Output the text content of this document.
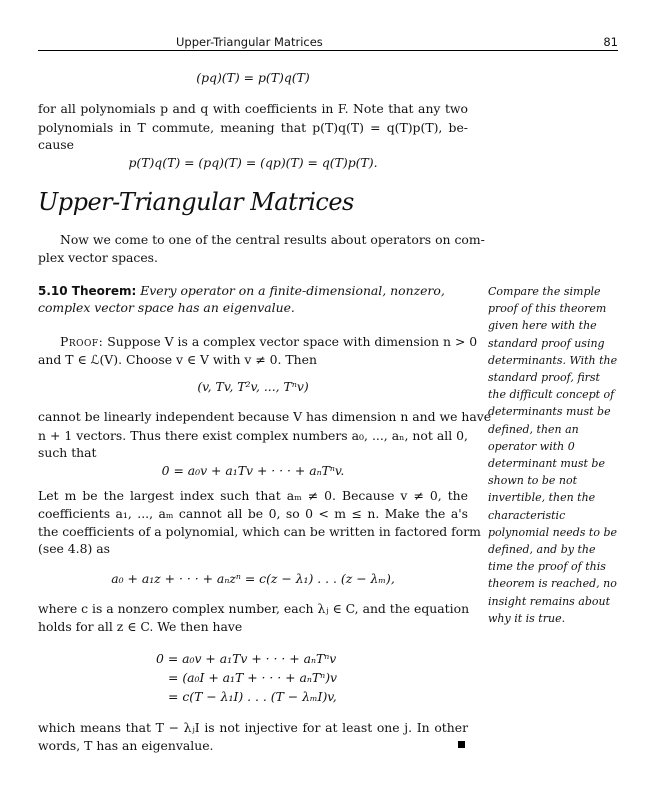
Upper-Triangular Matrices	81
(pq)(T) = p(T)q(T)
for all polynomials p and q with coefficients in F. Note that any two
polynomials in T commute, meaning that p(T)q(T) = q(T)p(T), be-
cause
p(T)q(T) = (pq)(T) = (qp)(T) = q(T)p(T).
Upper-Triangular Matrices
Now we come to one of the central results about operators on com-
plex vector spaces.
5.10 Theorem: Every operator on a finite-dimensional, nonzero,
complex vector space has an eigenvalue.
Proof: Suppose V is a complex vector space with dimension n > 0
and T ∈ ℒ(V). Choose v ∈ V with v ≠ 0. Then
(v, Tv, T²v, ..., Tⁿv)
cannot be linearly independent because V has dimension n and we have
n + 1 vectors. Thus there exist complex numbers a₀, ..., aₙ, not all 0,
such that
0 = a₀v + a₁Tv + · · · + aₙTⁿv.
Let m be the largest index such that aₘ ≠ 0. Because v ≠ 0, the
coefficients a₁, ..., aₘ cannot all be 0, so 0 < m ≤ n. Make the a's
the coefficients of a polynomial, which can be written in factored form
(see 4.8) as
a₀ + a₁z + · · · + aₙzⁿ = c(z − λ₁) . . . (z − λₘ),
where c is a nonzero complex number, each λⱼ ∈ C, and the equation
holds for all z ∈ C. We then have
0 = a₀v + a₁Tv + · · · + aₙTⁿv
= (a₀I + a₁T + · · · + aₙTⁿ)v
= c(T − λ₁I) . . . (T − λₘI)v,
which means that T − λⱼI is not injective for at least one j. In other
words, T has an eigenvalue.
Compare the simple
proof of this theorem
given here with the
standard proof using
determinants. With the
standard proof, first
the difficult concept of
determinants must be
defined, then an
operator with 0
determinant must be
shown to be not
invertible, then the
characteristic
polynomial needs to be
defined, and by the
time the proof of this
theorem is reached, no
insight remains about
why it is true.
